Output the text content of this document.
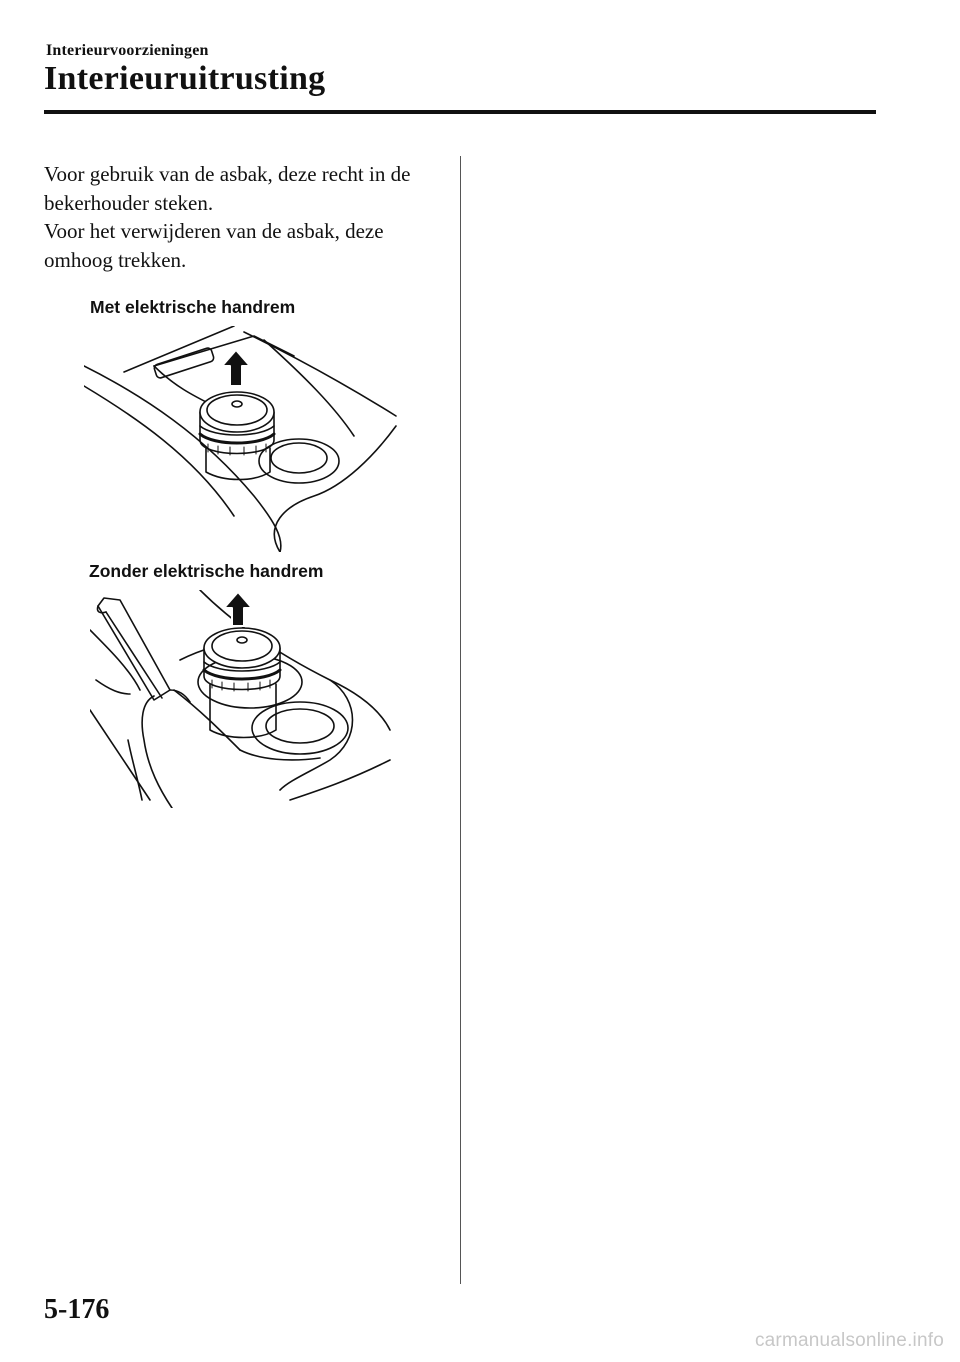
Interieurvoorzieningen
Interieuruitrusting

Voor gebruik van de asbak, deze recht in de bekerhouder steken.

Voor het verwijderen van de asbak, deze omhoog trekken.

Met elektrische handrem
Zonder elektrische handrem
5-176
carmanualsonline.info
